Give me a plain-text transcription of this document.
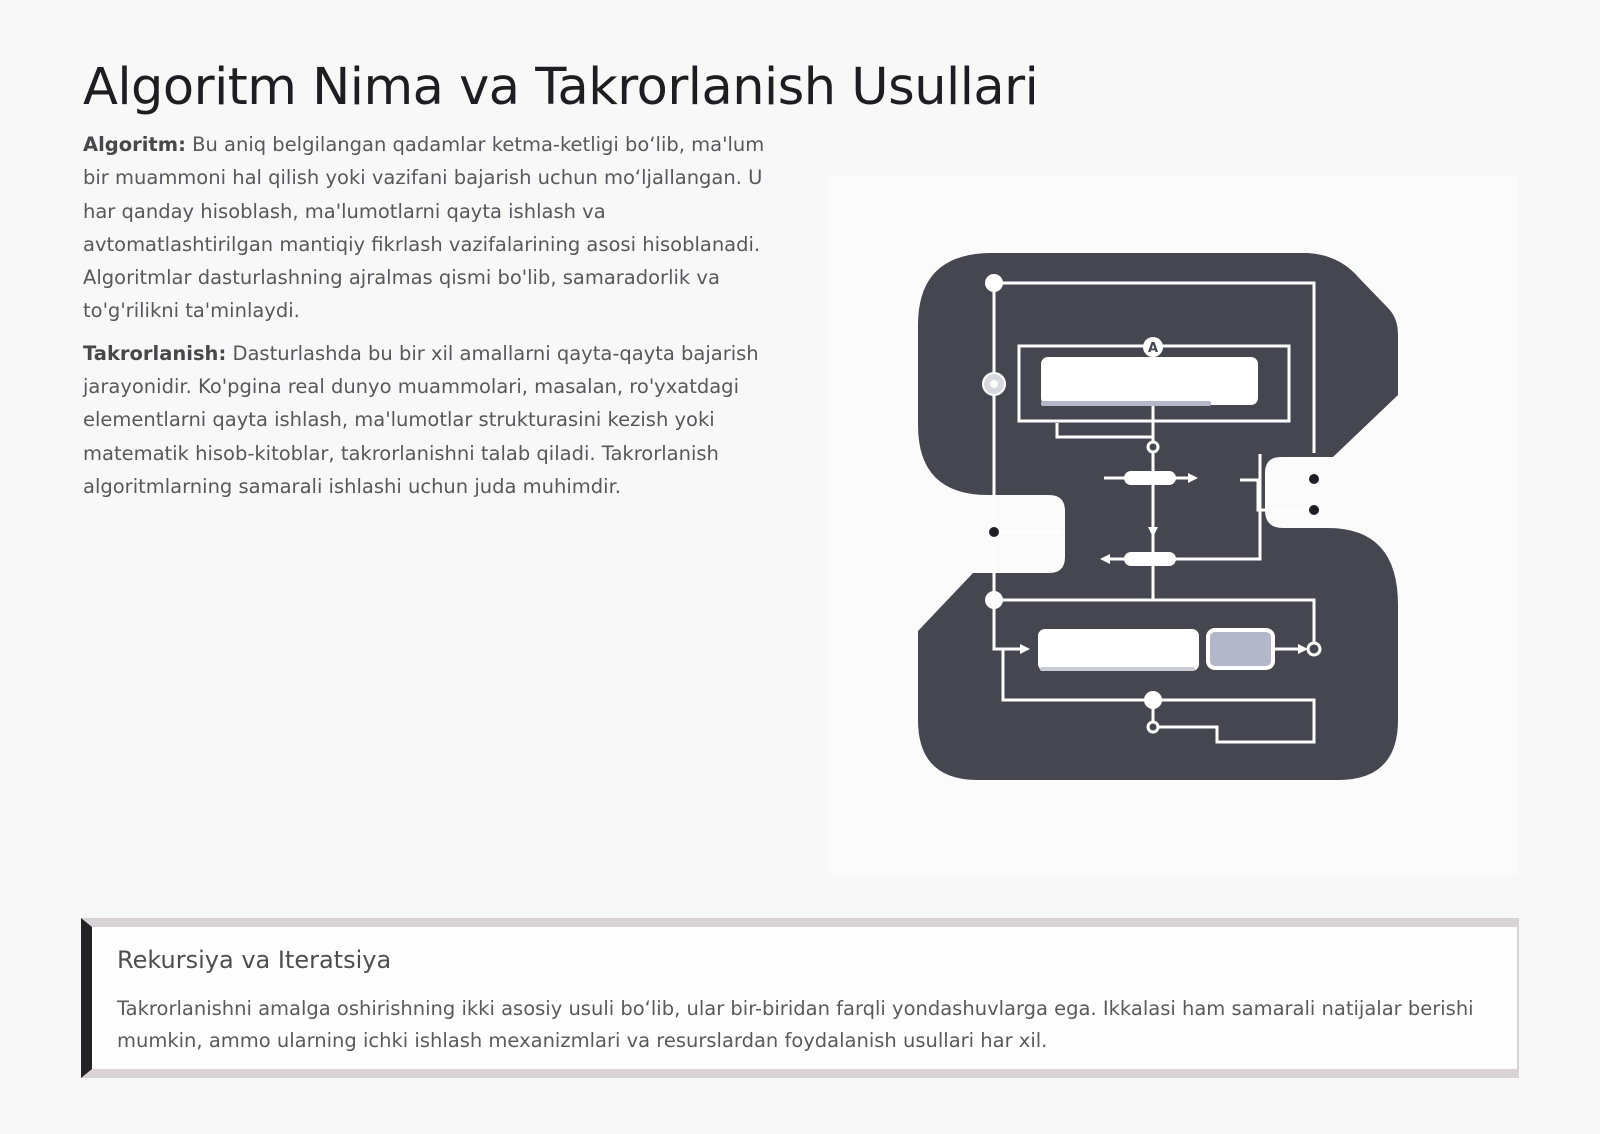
Algoritm Nima va Takrorlanish Usullari

Algoritm: Bu aniq belgilangan qadamlar ketma-ketligi bo‘lib, ma'lum bir muammoni hal qilish yoki vazifani bajarish uchun mo‘ljallangan. U har qanday hisoblash, ma'lumotlarni qayta ishlash va avtomatlashtirilgan mantiqiy fikrlash vazifalarining asosi hisoblanadi. Algoritmlar dasturlashning ajralmas qismi bo'lib, samaradorlik va to'g'rilikni ta'minlaydi.

Takrorlanish: Dasturlashda bu bir xil amallarni qayta-qayta bajarish jarayonidir. Ko'pgina real dunyo muammolari, masalan, ro'yxatdagi elementlarni qayta ishlash, ma'lumotlar strukturasini kezish yoki matematik hisob-kitoblar, takrorlanishni talab qiladi. Takrorlanish algoritmlarning samarali ishlashi uchun juda muhimdir.

A
Rekursiya va Iteratsiya

Takrorlanishni amalga oshirishning ikki asosiy usuli bo‘lib, ular bir-biridan farqli yondashuvlarga ega. Ikkalasi ham samarali natijalar berishi mumkin, ammo ularning ichki ishlash mexanizmlari va resurslardan foydalanish usullari har xil.
